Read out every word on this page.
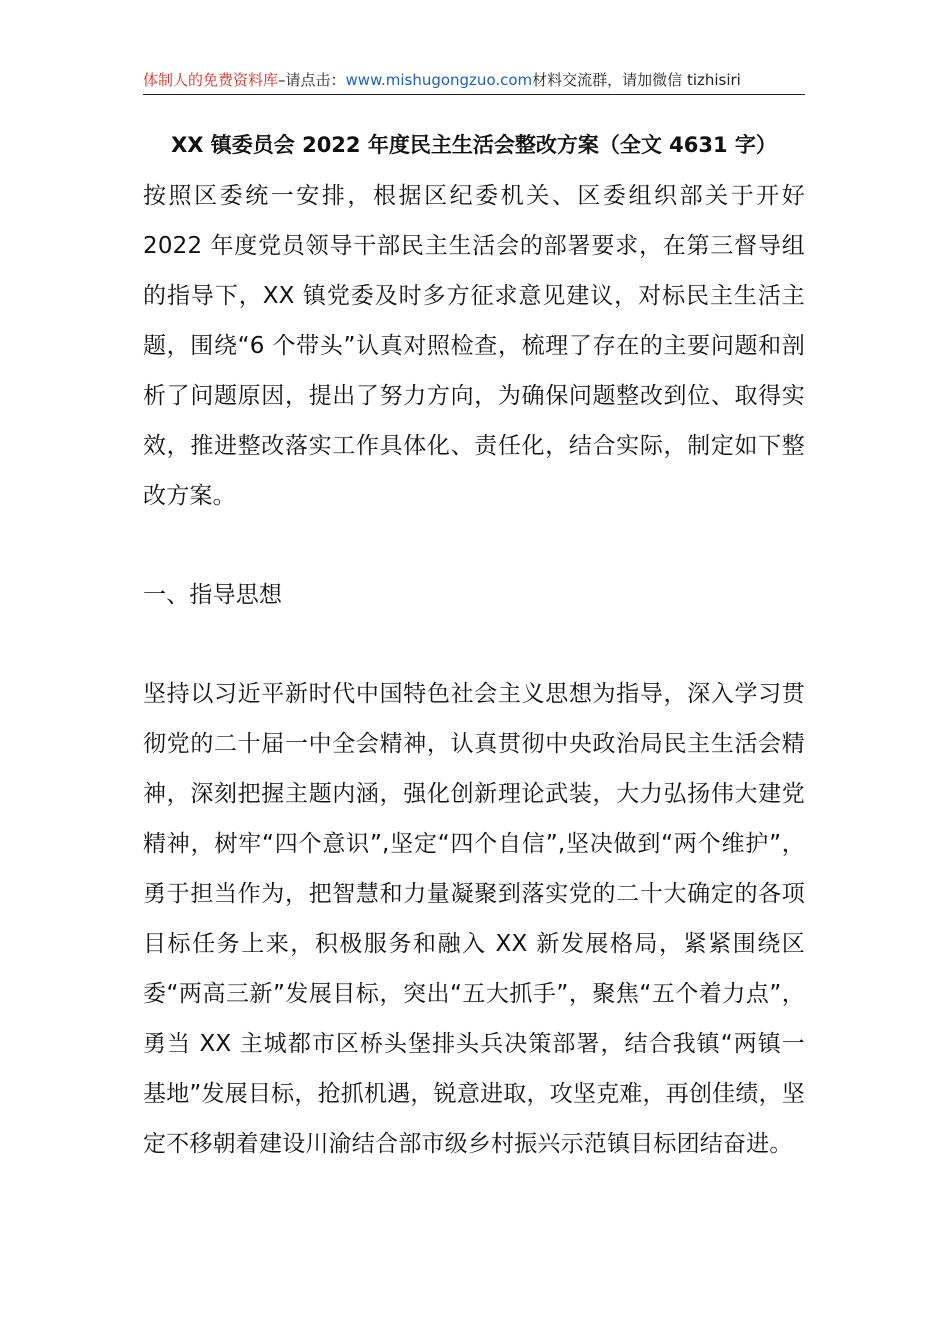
体制人的免费资料库–请点击：www.mishugongzuo.com材料交流群，请加微信 tizhisiri
XX 镇委员会 2022 年度民主生活会整改方案（全文 4631 字）

按照区委统一安排，根据区纪委机关、区委组织部关于开好 2022 年度党员领导干部民主生活会的部署要求，在第三督导组的指导下，XX 镇党委及时多方征求意见建议，对标民主生活主题，围绕“6 个带头”认真对照检查，梳理了存在的主要问题和剖析了问题原因，提出了努力方向，为确保问题整改到位、取得实效，推进整改落实工作具体化、责任化，结合实际，制定如下整改方案。

一、指导思想

坚持以习近平新时代中国特色社会主义思想为指导，深入学习贯彻党的二十届一中全会精神，认真贯彻中央政治局民主生活会精神，深刻把握主题内涵，强化创新理论武装，大力弘扬伟大建党精神，树牢“四个意识”,坚定“四个自信”,坚决做到“两个维护”，勇于担当作为，把智慧和力量凝聚到落实党的二十大确定的各项目标任务上来，积极服务和融入 XX 新发展格局，紧紧围绕区委“两高三新”发展目标，突出“五大抓手”，聚焦“五个着力点”，勇当 XX 主城都市区桥头堡排头兵决策部署，结合我镇“两镇一基地”发展目标，抢抓机遇，锐意进取，攻坚克难，再创佳绩，坚定不移朝着建设川渝结合部市级乡村振兴示范镇目标团结奋进。
